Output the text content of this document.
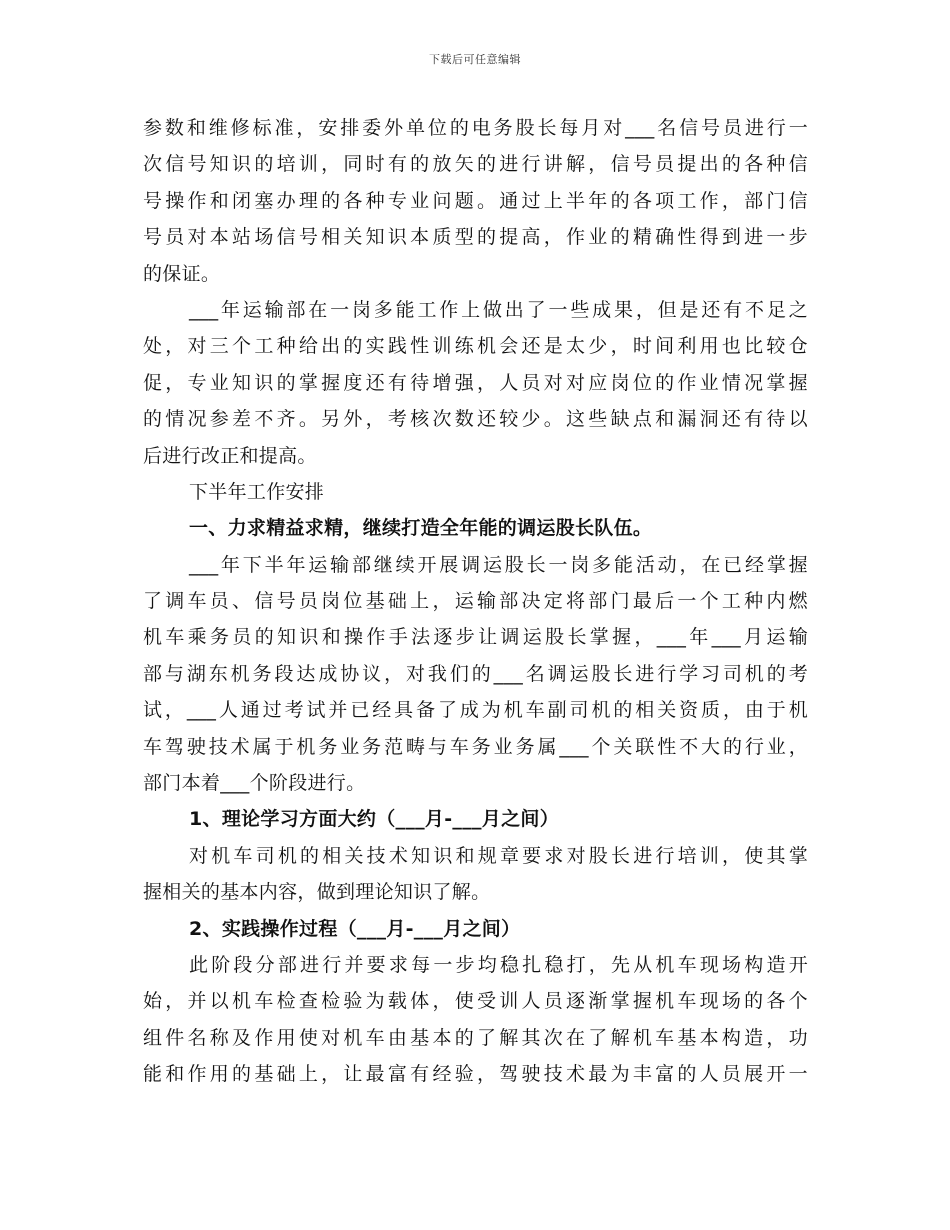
下载后可任意编辑
参数和维修标准，安排委外单位的电务股长每月对___名信号员进行一
次信号知识的培训，同时有的放矢的进行讲解，信号员提出的各种信
号操作和闭塞办理的各种专业问题。通过上半年的各项工作，部门信
号员对本站场信号相关知识本质型的提高，作业的精确性得到进一步
的保证。
___年运输部在一岗多能工作上做出了一些成果，但是还有不足之
处，对三个工种给出的实践性训练机会还是太少，时间利用也比较仓
促，专业知识的掌握度还有待增强，人员对对应岗位的作业情况掌握
的情况参差不齐。另外，考核次数还较少。这些缺点和漏洞还有待以
后进行改正和提高。
下半年工作安排
一、力求精益求精，继续打造全年能的调运股长队伍。
___年下半年运输部继续开展调运股长一岗多能活动，在已经掌握
了调车员、信号员岗位基础上，运输部决定将部门最后一个工种内燃
机车乘务员的知识和操作手法逐步让调运股长掌握，___年___月运输
部与湖东机务段达成协议，对我们的___名调运股长进行学习司机的考
试，___人通过考试并已经具备了成为机车副司机的相关资质，由于机
车驾驶技术属于机务业务范畴与车务业务属___个关联性不大的行业，
部门本着___个阶段进行。
1、理论学习方面大约（___月-___月之间）
对机车司机的相关技术知识和规章要求对股长进行培训，使其掌
握相关的基本内容，做到理论知识了解。
2、实践操作过程（___月-___月之间）
此阶段分部进行并要求每一步均稳扎稳打，先从机车现场构造开
始，并以机车检查检验为载体，使受训人员逐渐掌握机车现场的各个
组件名称及作用使对机车由基本的了解其次在了解机车基本构造，功
能和作用的基础上，让最富有经验，驾驶技术最为丰富的人员展开一
